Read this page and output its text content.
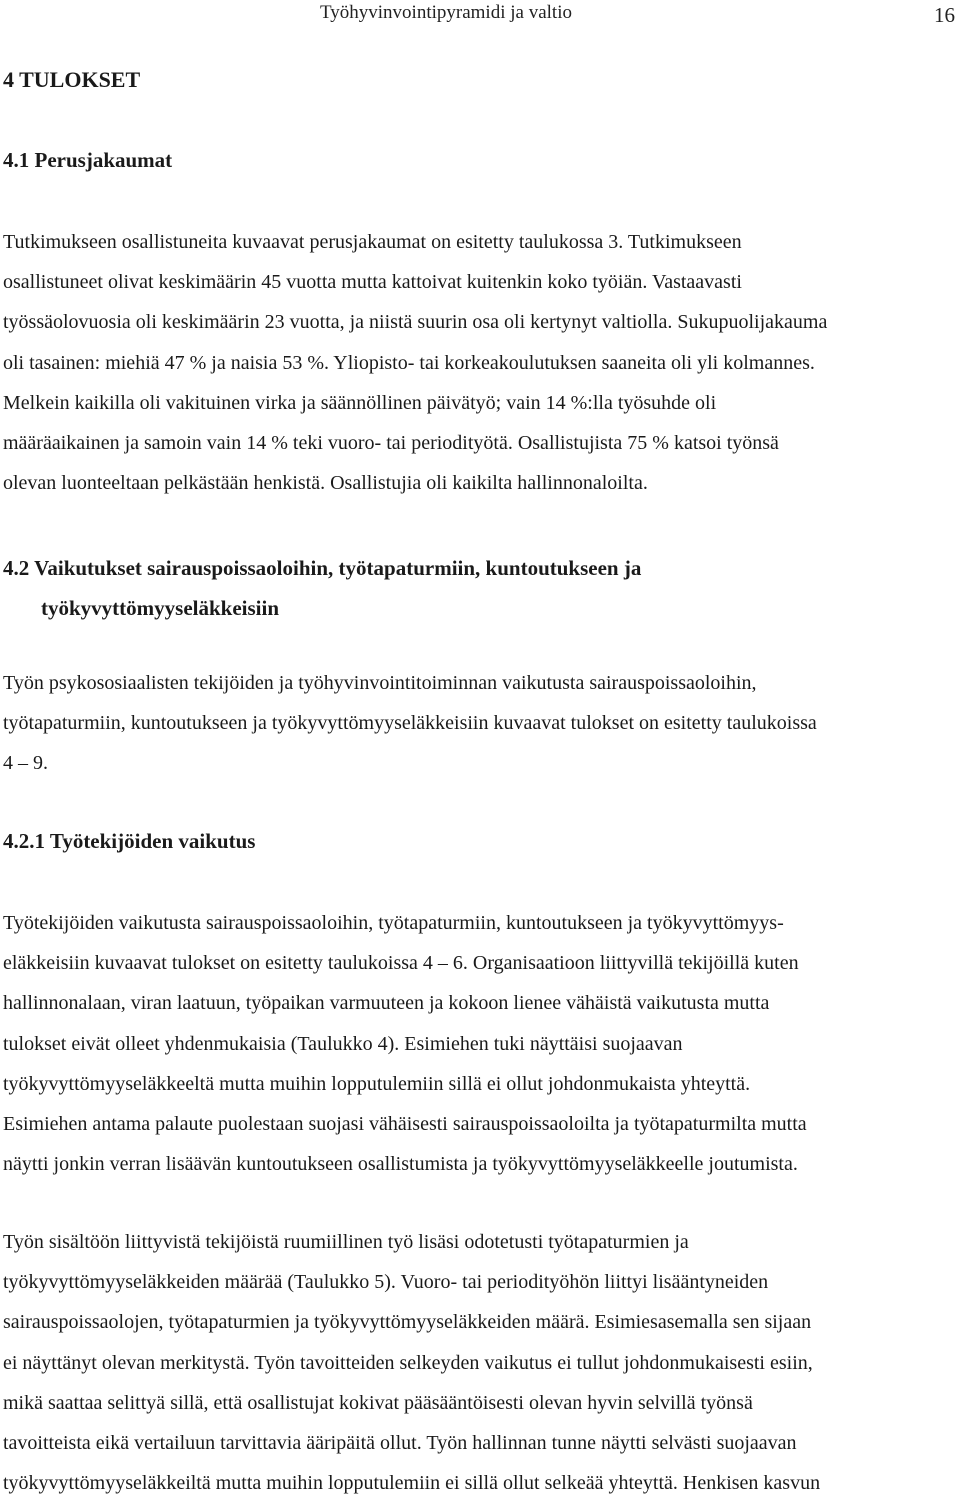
Työhyvinvointipyramidi ja valtio	16
4 TULOKSET
4.1 Perusjakaumat

Tutkimukseen osallistuneita kuvaavat perusjakaumat on esitetty taulukossa 3. Tutkimukseen
osallistuneet olivat keskimäärin 45 vuotta mutta kattoivat kuitenkin koko työiän. Vastaavasti
työssäolovuosia oli keskimäärin 23 vuotta, ja niistä suurin osa oli kertynyt valtiolla. Sukupuolijakauma
oli tasainen: miehiä 47 % ja naisia 53 %. Yliopisto- tai korkeakoulutuksen saaneita oli yli kolmannes.
Melkein kaikilla oli vakituinen virka ja säännöllinen päivätyö; vain 14 %:lla työsuhde oli
määräaikainen ja samoin vain 14 % teki vuoro- tai periodityötä. Osallistujista 75 % katsoi työnsä
olevan luonteeltaan pelkästään henkistä. Osallistujia oli kaikilta hallinnonaloilta.

4.2 Vaikutukset sairauspoissaoloihin, työtapaturmiin, kuntoutukseen ja
työkyvyttömyyseläkkeisiin

Työn psykososiaalisten tekijöiden ja työhyvinvointitoiminnan vaikutusta sairauspoissaoloihin,
työtapaturmiin, kuntoutukseen ja työkyvyttömyyseläkkeisiin kuvaavat tulokset on esitetty taulukoissa
4 – 9.

4.2.1 Työtekijöiden vaikutus

Työtekijöiden vaikutusta sairauspoissaoloihin, työtapaturmiin, kuntoutukseen ja työkyvyttömyys-
eläkkeisiin kuvaavat tulokset on esitetty taulukoissa 4 – 6. Organisaatioon liittyvillä tekijöillä kuten
hallinnonalaan, viran laatuun, työpaikan varmuuteen ja kokoon lienee vähäistä vaikutusta mutta
tulokset eivät olleet yhdenmukaisia (Taulukko 4). Esimiehen tuki näyttäisi suojaavan
työkyvyttömyyseläkkeeltä mutta muihin lopputulemiin sillä ei ollut johdonmukaista yhteyttä.
Esimiehen antama palaute puolestaan suojasi vähäisesti sairauspoissaoloilta ja työtapaturmilta mutta
näytti jonkin verran lisäävän kuntoutukseen osallistumista ja työkyvyttömyyseläkkeelle joutumista.

Työn sisältöön liittyvistä tekijöistä ruumiillinen työ lisäsi odotetusti työtapaturmien ja
työkyvyttömyyseläkkeiden määrää (Taulukko 5). Vuoro- tai periodityöhön liittyi lisääntyneiden
sairauspoissaolojen, työtapaturmien ja työkyvyttömyyseläkkeiden määrä. Esimiesasemalla sen sijaan
ei näyttänyt olevan merkitystä. Työn tavoitteiden selkeyden vaikutus ei tullut johdonmukaisesti esiin,
mikä saattaa selittyä sillä, että osallistujat kokivat pääsääntöisesti olevan hyvin selvillä työnsä
tavoitteista eikä vertailuun tarvittavia ääripäitä ollut. Työn hallinnan tunne näytti selvästi suojaavan
työkyvyttömyyseläkkeiltä mutta muihin lopputulemiin ei sillä ollut selkeää yhteyttä. Henkisen kasvun
